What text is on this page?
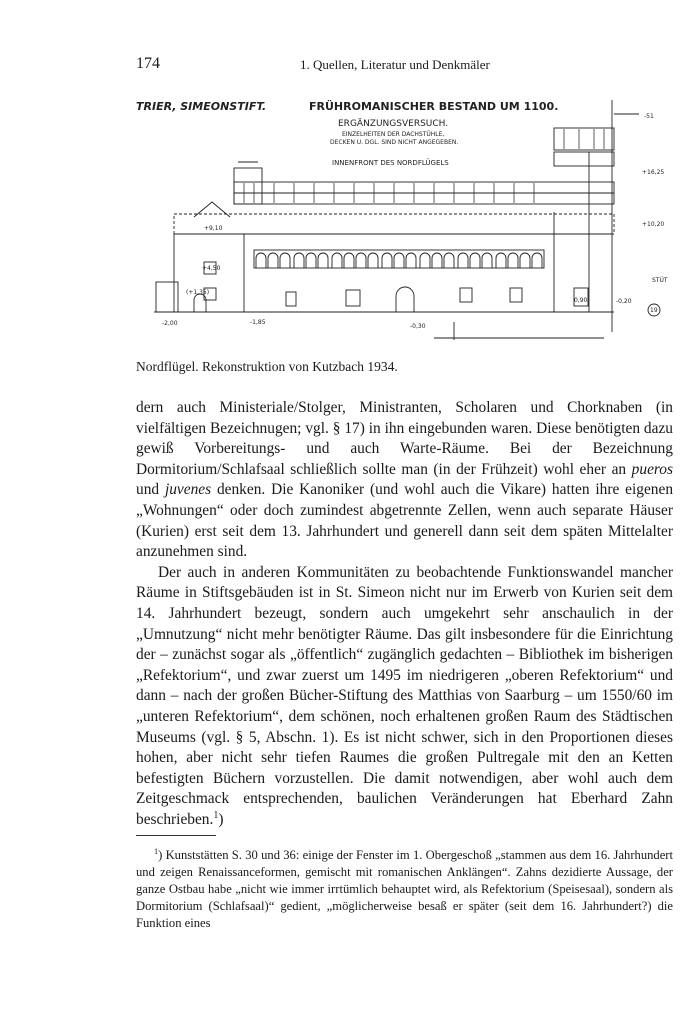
174	1. Quellen, Literatur und Denkmäler
TRIER, SIMEONSTIFT.	FRÜHROMANISCHER BESTAND UM 1100.
ERGÄNZUNGSVERSUCH.
EINZELHEITEN DER DACHSTÜHLE,
DECKEN U. DGL. SIND NICHT ANGEGEBEN.
INNENFRONT DES NORDFLÜGELS
+9,10
+4,50
(+1,35)
-1,85
-0,30
-2,00
0,90	-0,20
+16,25
+10,20
STÜT
19
-51
Nordflügel. Rekonstruktion von Kutzbach 1934.

dern auch Ministeriale/Stolger, Ministranten, Scholaren und Chorknaben (in vielfältigen Bezeichnugen; vgl. § 17) in ihn eingebunden waren. Diese benötigten dazu gewiß Vorbereitungs- und auch Warte-Räume. Bei der Bezeichnung Dormitorium/Schlafsaal schließlich sollte man (in der Frühzeit) wohl eher an pueros und juvenes denken. Die Kanoniker (und wohl auch die Vikare) hatten ihre eigenen „Wohnungen“ oder doch zumindest abgetrennte Zellen, wenn auch separate Häuser (Kurien) erst seit dem 13. Jahrhundert und generell dann seit dem späten Mittelalter anzunehmen sind.

Der auch in anderen Kommunitäten zu beobachtende Funktionswandel mancher Räume in Stiftsgebäuden ist in St. Simeon nicht nur im Erwerb von Kurien seit dem 14. Jahrhundert bezeugt, sondern auch umgekehrt sehr anschaulich in der „Umnutzung“ nicht mehr benötigter Räume. Das gilt insbesondere für die Einrichtung der – zunächst sogar als „öffentlich“ zugänglich gedachten – Bibliothek im bisherigen „Refektorium“, und zwar zuerst um 1495 im niedrigeren „oberen Refektorium“ und dann – nach der großen Bücher-Stiftung des Matthias von Saarburg – um 1550/60 im „unteren Refektorium“, dem schönen, noch erhaltenen großen Raum des Städtischen Museums (vgl. § 5, Abschn. 1). Es ist nicht schwer, sich in den Proportionen dieses hohen, aber nicht sehr tiefen Raumes die großen Pultregale mit den an Ketten befestigten Büchern vorzustellen. Die damit notwendigen, aber wohl auch dem Zeitgeschmack entsprechenden, baulichen Veränderungen hat Eberhard Zahn beschrieben.$^1$)

$^1$) Kunststätten S. 30 und 36: einige der Fenster im 1. Obergeschoß „stammen aus dem 16. Jahrhundert und zeigen Renaissanceformen, gemischt mit romanischen Anklängen“. Zahns dezidierte Aussage, der ganze Ostbau habe „nicht wie immer irrtümlich behauptet wird, als Refektorium (Speisesaal), sondern als Dormitorium (Schlafsaal)“ gedient, „möglicherweise besaß er später (seit dem 16. Jahrhundert?) die Funktion eines
